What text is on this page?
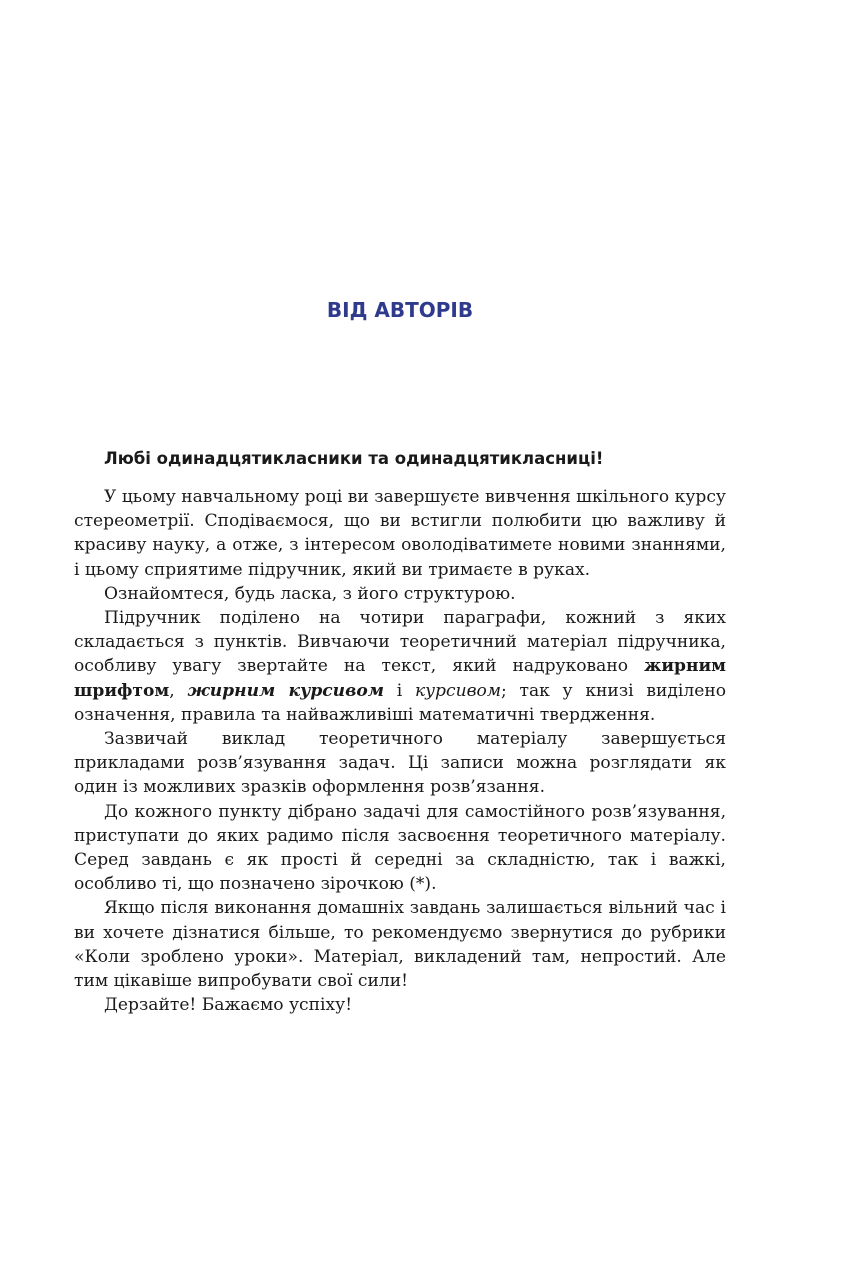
ВІД АВТОРІВ
Любі одинадцятикласники та одинадцятикласниці!

У цьому навчальному році ви завершуєте вивчення шкільного курсу стереометрії. Сподіваємося, що ви встигли полюбити цю важливу й красиву науку, а отже, з інтересом оволодіватимете новими знаннями, і цьому сприятиме підручник, який ви тримаєте в руках.

Ознайомтеся, будь ласка, з його структурою.

Підручник поділено на чотири параграфи, кожний з яких складається з пунктів. Вивчаючи теоретичний матеріал підручника, особливу увагу звертайте на текст, який надруковано жирним шрифтом, жирним курсивом і курсивом; так у книзі виділено означення, правила та найважливіші математичні твердження.

Зазвичай виклад теоретичного матеріалу завершується прикладами розв’язування задач. Ці записи можна розглядати як один із можливих зразків оформлення розв’язання.

До кожного пункту дібрано задачі для самостійного розв’язування, приступати до яких радимо після засвоєння теоретичного матеріалу. Серед завдань є як прості й середні за складністю, так і важкі, особливо ті, що позначено зірочкою (*).

Якщо після виконання домашніх завдань залишається вільний час і ви хочете дізнатися більше, то рекомендуємо звернутися до рубрики «Коли зроблено уроки». Матеріал, викладений там, непростий. Але тим цікавіше випробувати свої сили!

Дерзайте! Бажаємо успіху!
